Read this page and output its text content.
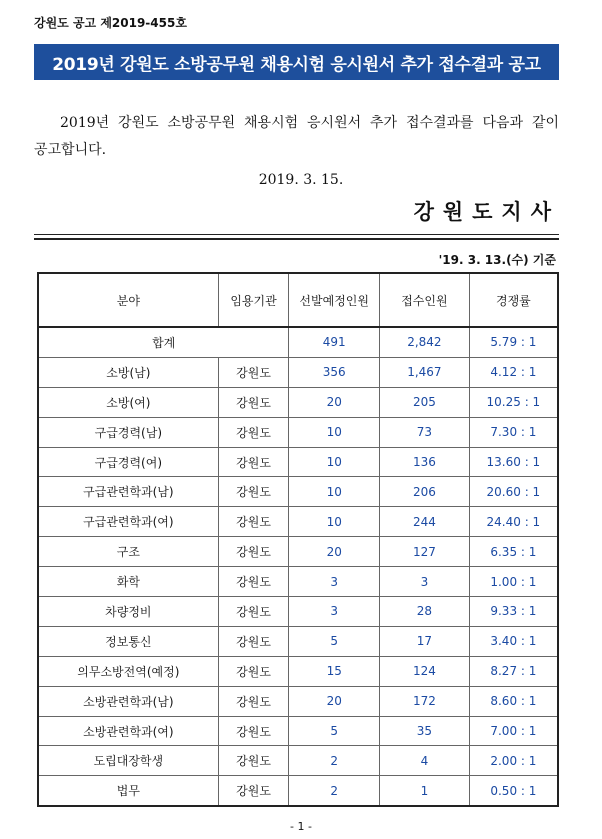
강원도 공고 제2019-455호
2019년 강원도 소방공무원 채용시험 응시원서 추가 접수결과 공고
2019년 강원도 소방공무원 채용시험 응시원서 추가 접수결과를 다음과 같이 공고합니다.
2019. 3. 15.
강원도지사
'19. 3. 13.(수) 기준
분야	임용기관	선발예정인원	접수인원	경쟁률
합계		491	2,842	5.79 : 1
소방(남)	강원도	356	1,467	4.12 : 1
소방(여)	강원도	20	205	10.25 : 1
구급경력(남)	강원도	10	73	7.30 : 1
구급경력(여)	강원도	10	136	13.60 : 1
구급관련학과(남)	강원도	10	206	20.60 : 1
구급관련학과(여)	강원도	10	244	24.40 : 1
구조	강원도	20	127	6.35 : 1
화학	강원도	3	3	1.00 : 1
차량정비	강원도	3	28	9.33 : 1
정보통신	강원도	5	17	3.40 : 1
의무소방전역(예정)	강원도	15	124	8.27 : 1
소방관련학과(남)	강원도	20	172	8.60 : 1
소방관련학과(여)	강원도	5	35	7.00 : 1
도립대장학생	강원도	2	4	2.00 : 1
법무	강원도	2	1	0.50 : 1
- 1 -
